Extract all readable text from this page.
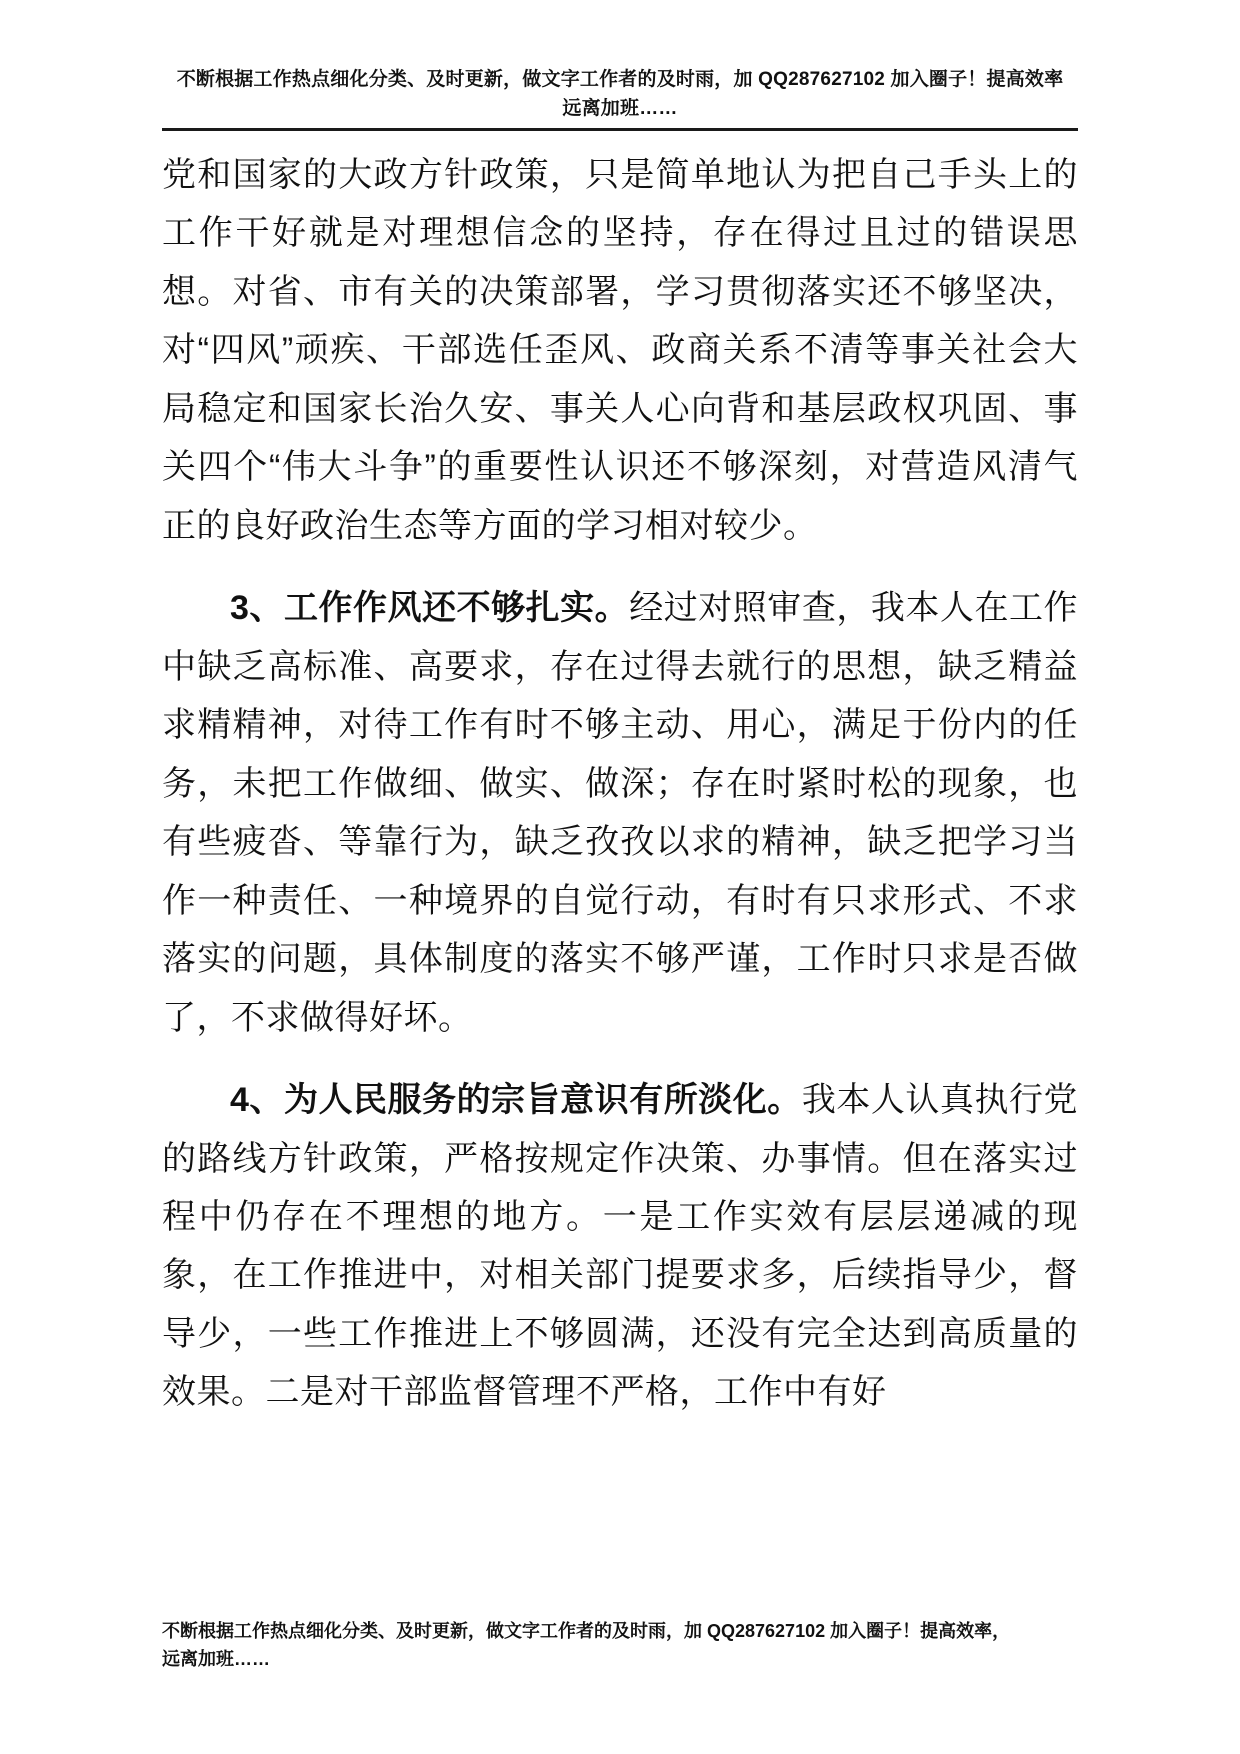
不断根据工作热点细化分类、及时更新，做文字工作者的及时雨，加 QQ287627102 加入圈子！提高效率
远离加班……

党和国家的大政方针政策，只是简单地认为把自己手头上的工作干好就是对理想信念的坚持，存在得过且过的错误思想。对省、市有关的决策部署，学习贯彻落实还不够坚决，对“四风”顽疾、干部选任歪风、政商关系不清等事关社会大局稳定和国家长治久安、事关人心向背和基层政权巩固、事关四个“伟大斗争”的重要性认识还不够深刻，对营造风清气正的良好政治生态等方面的学习相对较少。

3、工作作风还不够扎实。经过对照审查，我本人在工作中缺乏高标准、高要求，存在过得去就行的思想，缺乏精益求精精神，对待工作有时不够主动、用心，满足于份内的任务，未把工作做细、做实、做深；存在时紧时松的现象，也有些疲沓、等靠行为，缺乏孜孜以求的精神，缺乏把学习当作一种责任、一种境界的自觉行动，有时有只求形式、不求落实的问题，具体制度的落实不够严谨，工作时只求是否做了，不求做得好坏。

4、为人民服务的宗旨意识有所淡化。我本人认真执行党的路线方针政策，严格按规定作决策、办事情。但在落实过程中仍存在不理想的地方。一是工作实效有层层递减的现象，在工作推进中，对相关部门提要求多，后续指导少，督导少，一些工作推进上不够圆满，还没有完全达到高质量的效果。二是对干部监督管理不严格，工作中有好

不断根据工作热点细化分类、及时更新，做文字工作者的及时雨，加 QQ287627102 加入圈子！提高效率，
远离加班……
